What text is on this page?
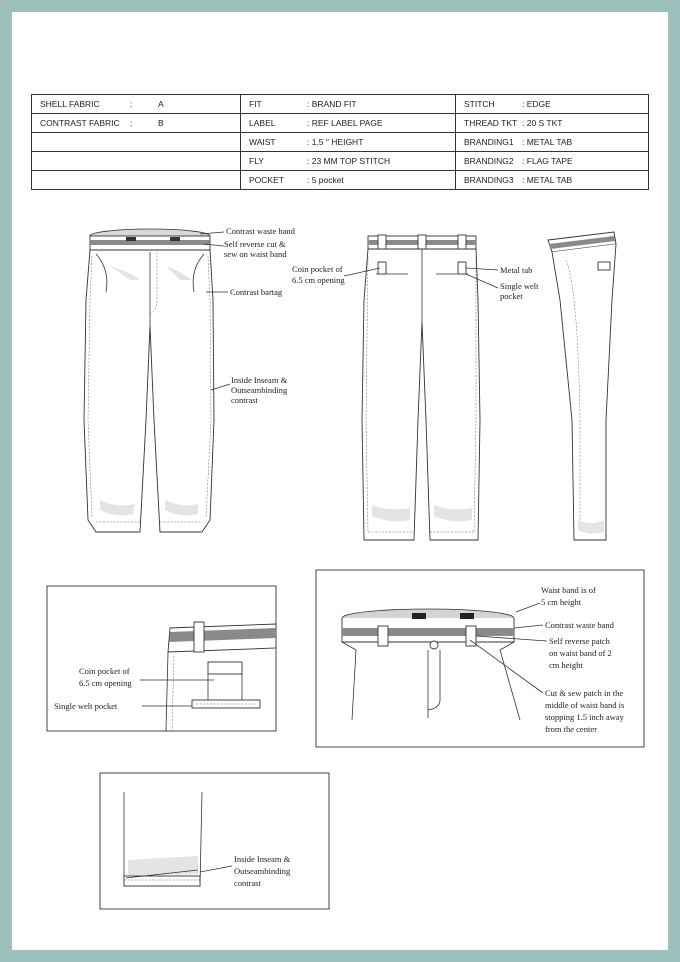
SHELL FABRIC : A	FIT : BRAND FIT	STITCH : EDGE
CONTRAST FABRIC : B	LABEL : REF LABEL PAGE	THREAD TKT : 20 S TKT
	WAIST : 1.5 " HEIGHT	BRANDING1 : METAL TAB
	FLY : 23 MM TOP STITCH	BRANDING2 : FLAG TAPE
	POCKET : 5 pocket	BRANDING3 : METAL TAB
Contrast waste band
Self reverse cut &
sew on waist band
Contrast bartag
Inside Inseam &
Outseambinding
contrast
Coin pocket of
6.5 cm opening
Metal tab
Single welt
pocket
Coin pocket of
6.5 cm opening
Single welt pocket
Waist band is of
5 cm height
Contrast waste band
Self reverse patch
on waist band of 2
cm height
Cut & sew patch in the
middle of waist band is
stopping 1.5 inch away
from the center
Inside Inseam &
Outseambinding
contrast
